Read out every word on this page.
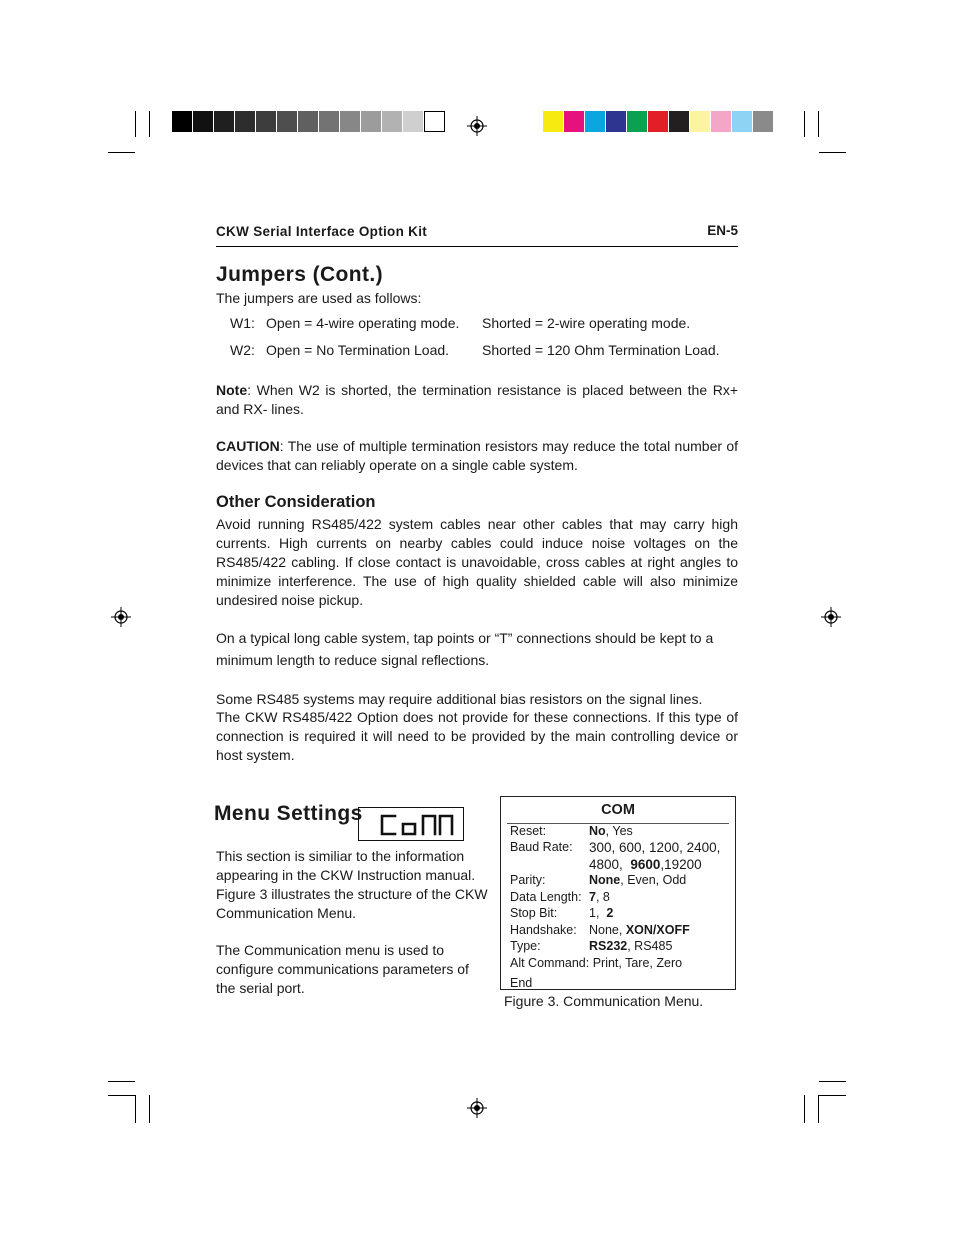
CKW Serial Interface Option Kit	EN-5
Jumpers (Cont.)
The jumpers are used as follows:
W1: Open = 4-wire operating mode. Shorted = 2-wire operating mode.
W2: Open = No Termination Load. Shorted = 120 Ohm Termination Load.
Note: When W2 is shorted, the termination resistance is placed between the Rx+ and RX- lines.
CAUTION: The use of multiple termination resistors may reduce the total number of devices that can reliably operate on a single cable system.
Other Consideration
Avoid running RS485/422 system cables near other cables that may carry high currents. High currents on nearby cables could induce noise voltages on the RS485/422 cabling. If close contact is unavoidable, cross cables at right angles to minimize interference. The use of high quality shielded cable will also minimize undesired noise pickup.
On a typical long cable system, tap points or “T” connections should be kept to a
minimum length to reduce signal reflections.
Some RS485 systems may require additional bias resistors on the signal lines.
The CKW RS485/422 Option does not provide for these connections. If this type of connection is required it will need to be provided by the main controlling device or host system.
Menu Settings
COM
This section is similiar to the information appearing in the CKW Instruction manual. Figure 3 illustrates the structure of the CKW Communication Menu.
The Communication menu is used to configure communications parameters of the serial port.
COM
Reset:	No, Yes
Baud Rate: 300, 600, 1200, 2400,
4800, 9600,19200
Parity:	None, Even, Odd
Data Length: 7, 8
Stop Bit:	1, 2
Handshake: None, XON/XOFF
Type:	RS232, RS485
Alt Command: Print, Tare, Zero
End
Figure 3. Communication Menu.
